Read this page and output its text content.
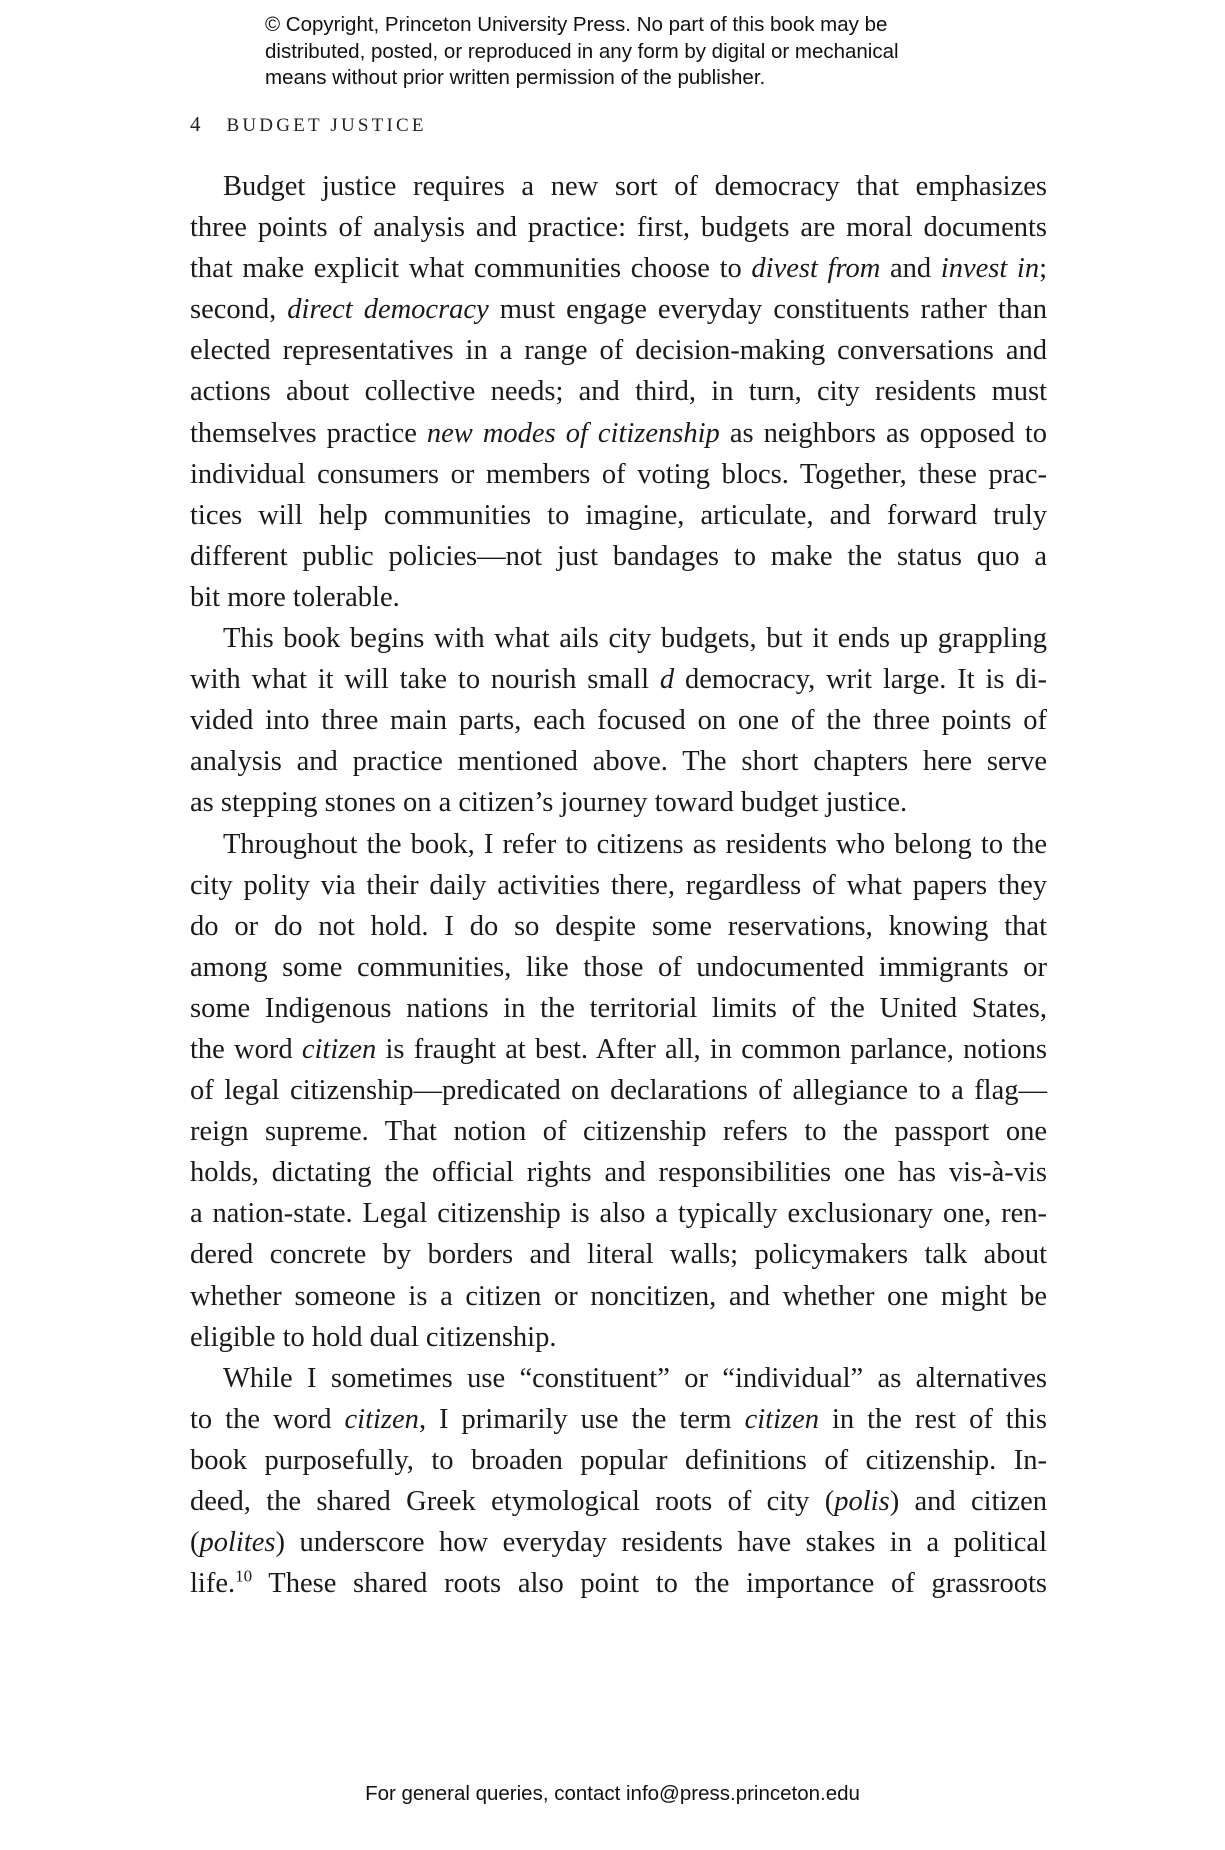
© Copyright, Princeton University Press. No part of this book may be
distributed, posted, or reproduced in any form by digital or mechanical
means without prior written permission of the publisher.
4 BUDGET JUSTICE
Budget justice requires a new sort of democracy that emphasizes
three points of analysis and practice: first, budgets are moral documents
that make explicit what communities choose to divest from and invest in;
second, direct democracy must engage everyday constituents rather than
elected representatives in a range of decision-making conversations and
actions about collective needs; and third, in turn, city residents must
themselves practice new modes of citizenship as neighbors as opposed to
individual consumers or members of voting blocs. Together, these prac-
tices will help communities to imagine, articulate, and forward truly
different public policies—not just bandages to make the status quo a
bit more tolerable.
This book begins with what ails city budgets, but it ends up grappling
with what it will take to nourish small d democracy, writ large. It is di-
vided into three main parts, each focused on one of the three points of
analysis and practice mentioned above. The short chapters here serve
as stepping stones on a citizen’s journey toward budget justice.
Throughout the book, I refer to citizens as residents who belong to the
city polity via their daily activities there, regardless of what papers they
do or do not hold. I do so despite some reservations, knowing that
among some communities, like those of undocumented immigrants or
some Indigenous nations in the territorial limits of the United States,
the word citizen is fraught at best. After all, in common parlance, notions
of legal citizenship—predicated on declarations of allegiance to a flag—
reign supreme. That notion of citizenship refers to the passport one
holds, dictating the official rights and responsibilities one has vis-à-vis
a nation-state. Legal citizenship is also a typically exclusionary one, ren-
dered concrete by borders and literal walls; policymakers talk about
whether someone is a citizen or noncitizen, and whether one might be
eligible to hold dual citizenship.
While I sometimes use “constituent” or “individual” as alternatives
to the word citizen, I primarily use the term citizen in the rest of this
book purposefully, to broaden popular definitions of citizenship. In-
deed, the shared Greek etymological roots of city (polis) and citizen
(polites) underscore how everyday residents have stakes in a political
life.$^{10}$ These shared roots also point to the importance of grassroots
For general queries, contact info@press.princeton.edu
